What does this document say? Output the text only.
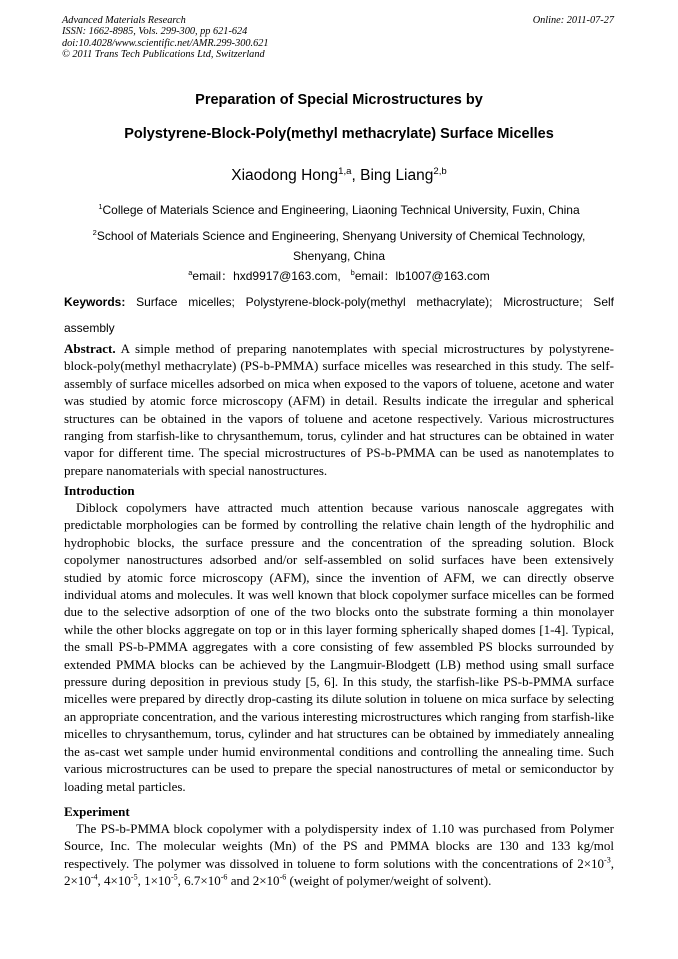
Advanced Materials Research
ISSN: 1662-8985, Vols. 299-300, pp 621-624
doi:10.4028/www.scientific.net/AMR.299-300.621
© 2011 Trans Tech Publications Ltd, Switzerland
Online: 2011-07-27
Preparation of Special Microstructures by
Polystyrene-Block-Poly(methyl methacrylate) Surface Micelles
Xiaodong Hong$^{1,a}$, Bing Liang$^{2,b}$
$^1$College of Materials Science and Engineering, Liaoning Technical University, Fuxin, China
$^2$School of Materials Science and Engineering, Shenyang University of Chemical Technology, Shenyang, China
$^a$email：hxd9917@163.com, $^b$email：lb1007@163.com
Keywords: Surface micelles; Polystyrene-block-poly(methyl methacrylate); Microstructure; Self assembly
Abstract. A simple method of preparing nanotemplates with special microstructures by polystyrene-block-poly(methyl methacrylate) (PS-b-PMMA) surface micelles was researched in this study. The self-assembly of surface micelles adsorbed on mica when exposed to the vapors of toluene, acetone and water was studied by atomic force microscopy (AFM) in detail. Results indicate the irregular and spherical structures can be obtained in the vapors of toluene and acetone respectively. Various microstructures ranging from starfish-like to chrysanthemum, torus, cylinder and hat structures can be obtained in water vapor for different time. The special microstructures of PS-b-PMMA can be used as nanotemplates to prepare nanomaterials with special nanostructures.
Introduction
Diblock copolymers have attracted much attention because various nanoscale aggregates with predictable morphologies can be formed by controlling the relative chain length of the hydrophilic and hydrophobic blocks, the surface pressure and the concentration of the spreading solution. Block copolymer nanostructures adsorbed and/or self-assembled on solid surfaces have been extensively studied by atomic force microscopy (AFM), since the invention of AFM, we can directly observe individual atoms and molecules. It was well known that block copolymer surface micelles can be formed due to the selective adsorption of one of the two blocks onto the substrate forming a thin monolayer while the other blocks aggregate on top or in this layer forming spherically shaped domes [1-4]. Typical, the small PS-b-PMMA aggregates with a core consisting of few assembled PS blocks surrounded by extended PMMA blocks can be achieved by the Langmuir-Blodgett (LB) method using small surface pressure during deposition in previous study [5, 6]. In this study, the starfish-like PS-b-PMMA surface micelles were prepared by directly drop-casting its dilute solution in toluene on mica surface by selecting an appropriate concentration, and the various interesting microstructures which ranging from starfish-like micelles to chrysanthemum, torus, cylinder and hat structures can be obtained by immediately annealing the as-cast wet sample under humid environmental conditions and controlling the annealing time. Such various microstructures can be used to prepare the special nanostructures of metal or semiconductor by loading metal particles.
Experiment
The PS-b-PMMA block copolymer with a polydispersity index of 1.10 was purchased from Polymer Source, Inc. The molecular weights (Mn) of the PS and PMMA blocks are 130 and 133 kg/mol respectively. The polymer was dissolved in toluene to form solutions with the concentrations of $2\times 10^{-3}$, $2\times 10^{-4}$, $4\times 10^{-5}$, $1\times 10^{-5}$, $6.7\times 10^{-6}$ and $2\times 10^{-6}$ (weight of polymer/weight of solvent).
